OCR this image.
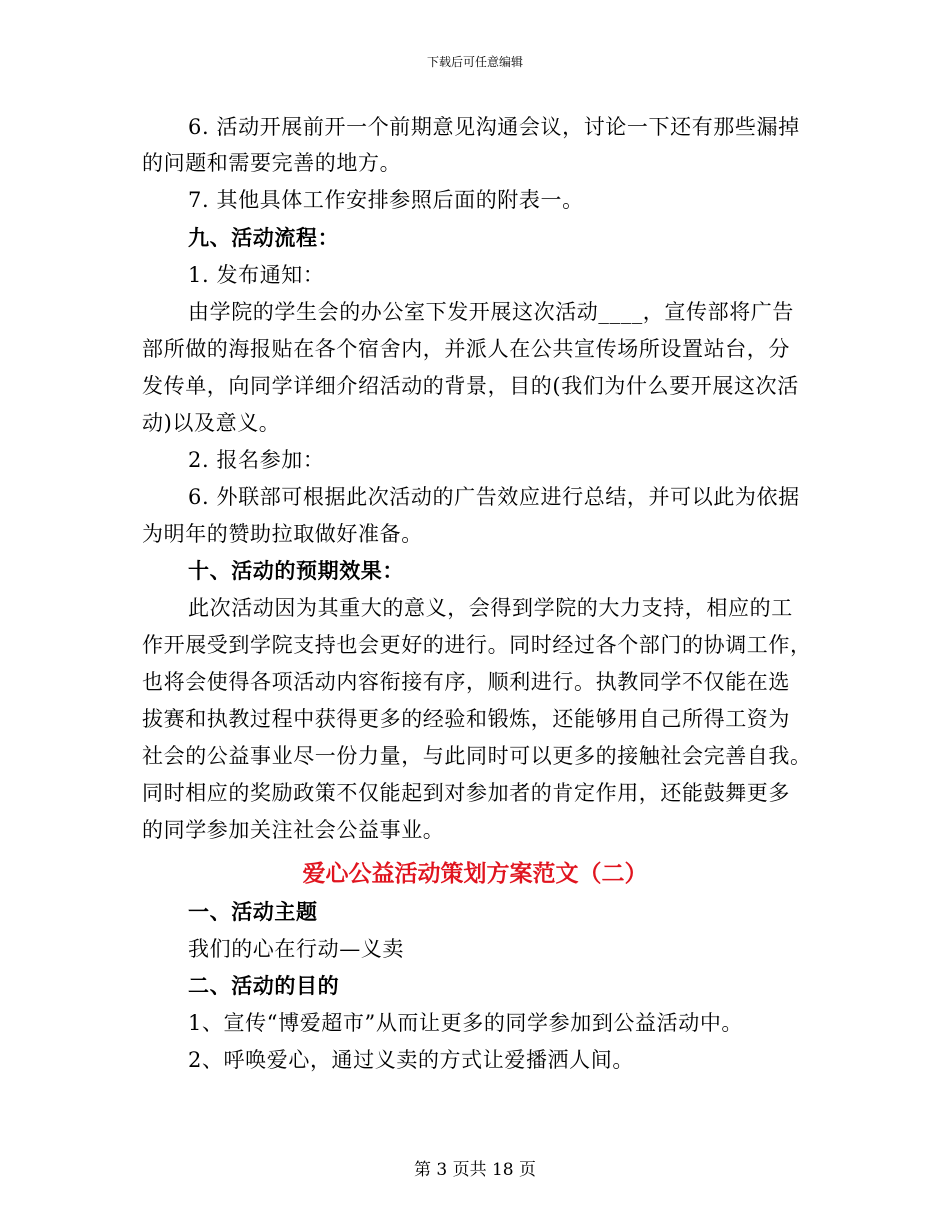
下载后可任意编辑
6. 活动开展前开一个前期意见沟通会议，讨论一下还有那些漏掉
的问题和需要完善的地方。
7. 其他具体工作安排参照后面的附表一。
九、活动流程：
1. 发布通知：
由学院的学生会的办公室下发开展这次活动____，宣传部将广告
部所做的海报贴在各个宿舍内，并派人在公共宣传场所设置站台，分
发传单，向同学详细介绍活动的背景，目的(我们为什么要开展这次活
动)以及意义。
2. 报名参加：
6. 外联部可根据此次活动的广告效应进行总结，并可以此为依据
为明年的赞助拉取做好准备。
十、活动的预期效果：
此次活动因为其重大的意义，会得到学院的大力支持，相应的工
作开展受到学院支持也会更好的进行。同时经过各个部门的协调工作，
也将会使得各项活动内容衔接有序，顺利进行。执教同学不仅能在选
拔赛和执教过程中获得更多的经验和锻炼，还能够用自己所得工资为
社会的公益事业尽一份力量，与此同时可以更多的接触社会完善自我。
同时相应的奖励政策不仅能起到对参加者的肯定作用，还能鼓舞更多
的同学参加关注社会公益事业。
爱心公益活动策划方案范文（二）
一、活动主题
我们的心在行动—义卖
二、活动的目的
1、宣传“博爱超市”从而让更多的同学参加到公益活动中。
2、呼唤爱心，通过义卖的方式让爱播洒人间。
第 3 页共 18 页
